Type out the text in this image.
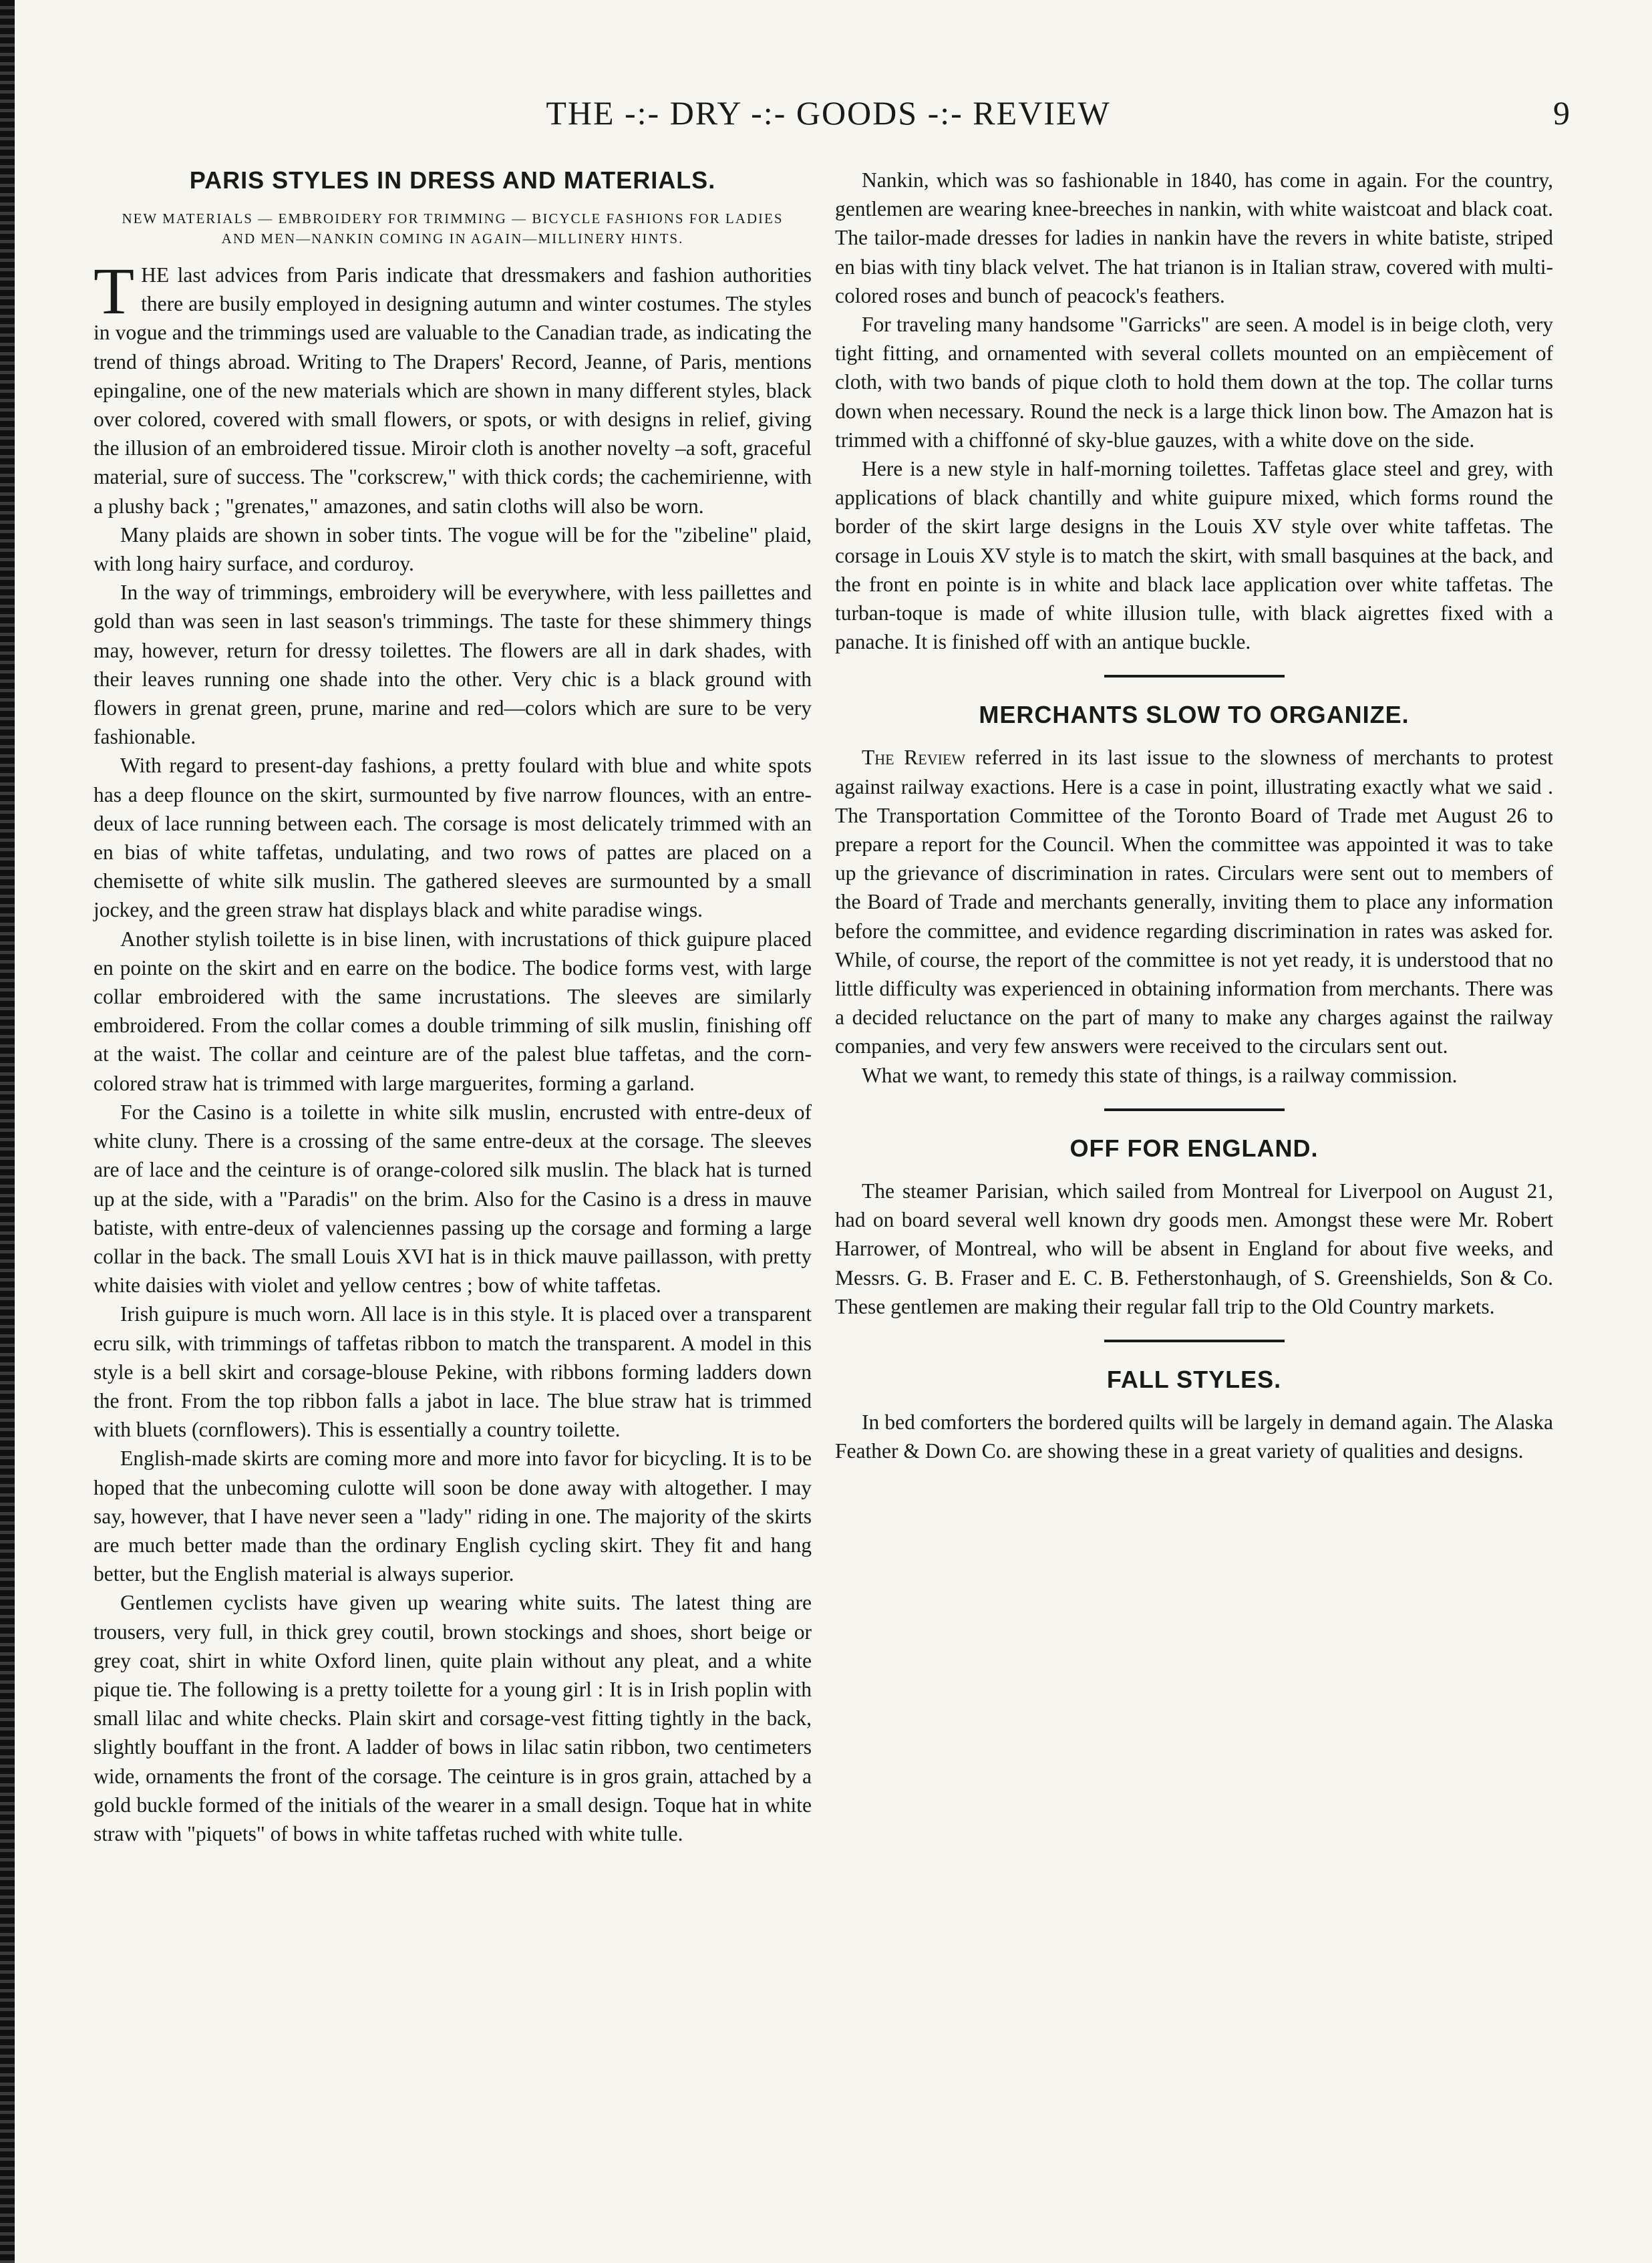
THE -:- DRY -:- GOODS -:- REVIEW	9
PARIS STYLES IN DRESS AND MATERIALS.
NEW MATERIALS — EMBROIDERY FOR TRIMMING — BICYCLE FASHIONS FOR LADIES AND MEN—NANKIN COMING IN AGAIN—MILLINERY HINTS.

THE last advices from Paris indicate that dressmakers and fashion authorities there are busily employed in designing autumn and winter costumes. The styles in vogue and the trimmings used are valuable to the Canadian trade, as indicating the trend of things abroad. Writing to The Drapers' Record, Jeanne, of Paris, mentions epingaline, one of the new materials which are shown in many different styles, black over colored, covered with small flowers, or spots, or with designs in relief, giving the illusion of an embroidered tissue. Miroir cloth is another novelty –a soft, graceful material, sure of success. The "corkscrew," with thick cords; the cachemirienne, with a plushy back ; "grenates," amazones, and satin cloths will also be worn.

Many plaids are shown in sober tints. The vogue will be for the "zibeline" plaid, with long hairy surface, and corduroy.

In the way of trimmings, embroidery will be everywhere, with less paillettes and gold than was seen in last season's trimmings. The taste for these shimmery things may, however, return for dressy toilettes. The flowers are all in dark shades, with their leaves running one shade into the other. Very chic is a black ground with flowers in grenat green, prune, marine and red—colors which are sure to be very fashionable.

With regard to present-day fashions, a pretty foulard with blue and white spots has a deep flounce on the skirt, surmounted by five narrow flounces, with an entre-deux of lace running between each. The corsage is most delicately trimmed with an en bias of white taffetas, undulating, and two rows of pattes are placed on a chemisette of white silk muslin. The gathered sleeves are surmounted by a small jockey, and the green straw hat displays black and white paradise wings.

Another stylish toilette is in bise linen, with incrustations of thick guipure placed en pointe on the skirt and en earre on the bodice. The bodice forms vest, with large collar embroidered with the same incrustations. The sleeves are similarly embroidered. From the collar comes a double trimming of silk muslin, finishing off at the waist. The collar and ceinture are of the palest blue taffetas, and the corn-colored straw hat is trimmed with large marguerites, forming a garland.

For the Casino is a toilette in white silk muslin, encrusted with entre-deux of white cluny. There is a crossing of the same entre-deux at the corsage. The sleeves are of lace and the ceinture is of orange-colored silk muslin. The black hat is turned up at the side, with a "Paradis" on the brim. Also for the Casino is a dress in mauve batiste, with entre-deux of valenciennes passing up the corsage and forming a large collar in the back. The small Louis XVI hat is in thick mauve paillasson, with pretty white daisies with violet and yellow centres ; bow of white taffetas.

Irish guipure is much worn. All lace is in this style. It is placed over a transparent ecru silk, with trimmings of taffetas ribbon to match the transparent. A model in this style is a bell skirt and corsage-blouse Pekine, with ribbons forming ladders down the front. From the top ribbon falls a jabot in lace. The blue straw hat is trimmed with bluets (cornflowers). This is essentially a country toilette.

English-made skirts are coming more and more into favor for bicycling. It is to be hoped that the unbecoming culotte will soon be done away with altogether. I may say, however, that I have never seen a "lady" riding in one. The majority of the skirts are much better made than the ordinary English cycling skirt. They fit and hang better, but the English material is always superior.

Gentlemen cyclists have given up wearing white suits. The latest thing are trousers, very full, in thick grey coutil, brown stockings and shoes, short beige or grey coat, shirt in white Oxford linen, quite plain without any pleat, and a white pique tie. The following is a pretty toilette for a young girl : It is in Irish poplin with small lilac and white checks. Plain skirt and corsage-vest fitting tightly in the back, slightly bouffant in the front. A ladder of bows in lilac satin ribbon, two centimeters wide, ornaments the front of the corsage. The ceinture is in gros grain, attached by a gold buckle formed of the initials of the wearer in a small design. Toque hat in white straw with "piquets" of bows in white taffetas ruched with white tulle.

Nankin, which was so fashionable in 1840, has come in again. For the country, gentlemen are wearing knee-breeches in nankin, with white waistcoat and black coat. The tailor-made dresses for ladies in nankin have the revers in white batiste, striped en bias with tiny black velvet. The hat trianon is in Italian straw, covered with multi-colored roses and bunch of peacock's feathers.

For traveling many handsome "Garricks" are seen. A model is in beige cloth, very tight fitting, and ornamented with several collets mounted on an empiècement of cloth, with two bands of pique cloth to hold them down at the top. The collar turns down when necessary. Round the neck is a large thick linon bow. The Amazon hat is trimmed with a chiffonné of sky-blue gauzes, with a white dove on the side.

Here is a new style in half-morning toilettes. Taffetas glace steel and grey, with applications of black chantilly and white guipure mixed, which forms round the border of the skirt large designs in the Louis XV style over white taffetas. The corsage in Louis XV style is to match the skirt, with small basquines at the back, and the front en pointe is in white and black lace application over white taffetas. The turban-toque is made of white illusion tulle, with black aigrettes fixed with a panache. It is finished off with an antique buckle.

MERCHANTS SLOW TO ORGANIZE.

The Review referred in its last issue to the slowness of merchants to protest against railway exactions. Here is a case in point, illustrating exactly what we said . The Transportation Committee of the Toronto Board of Trade met August 26 to prepare a report for the Council. When the committee was appointed it was to take up the grievance of discrimination in rates. Circulars were sent out to members of the Board of Trade and merchants generally, inviting them to place any information before the committee, and evidence regarding discrimination in rates was asked for. While, of course, the report of the committee is not yet ready, it is understood that no little difficulty was experienced in obtaining information from merchants. There was a decided reluctance on the part of many to make any charges against the railway companies, and very few answers were received to the circulars sent out.

What we want, to remedy this state of things, is a railway commission.

OFF FOR ENGLAND.

The steamer Parisian, which sailed from Montreal for Liverpool on August 21, had on board several well known dry goods men. Amongst these were Mr. Robert Harrower, of Montreal, who will be absent in England for about five weeks, and Messrs. G. B. Fraser and E. C. B. Fetherstonhaugh, of S. Greenshields, Son & Co. These gentlemen are making their regular fall trip to the Old Country markets.

FALL STYLES.

In bed comforters the bordered quilts will be largely in demand again. The Alaska Feather & Down Co. are showing these in a great variety of qualities and designs.
